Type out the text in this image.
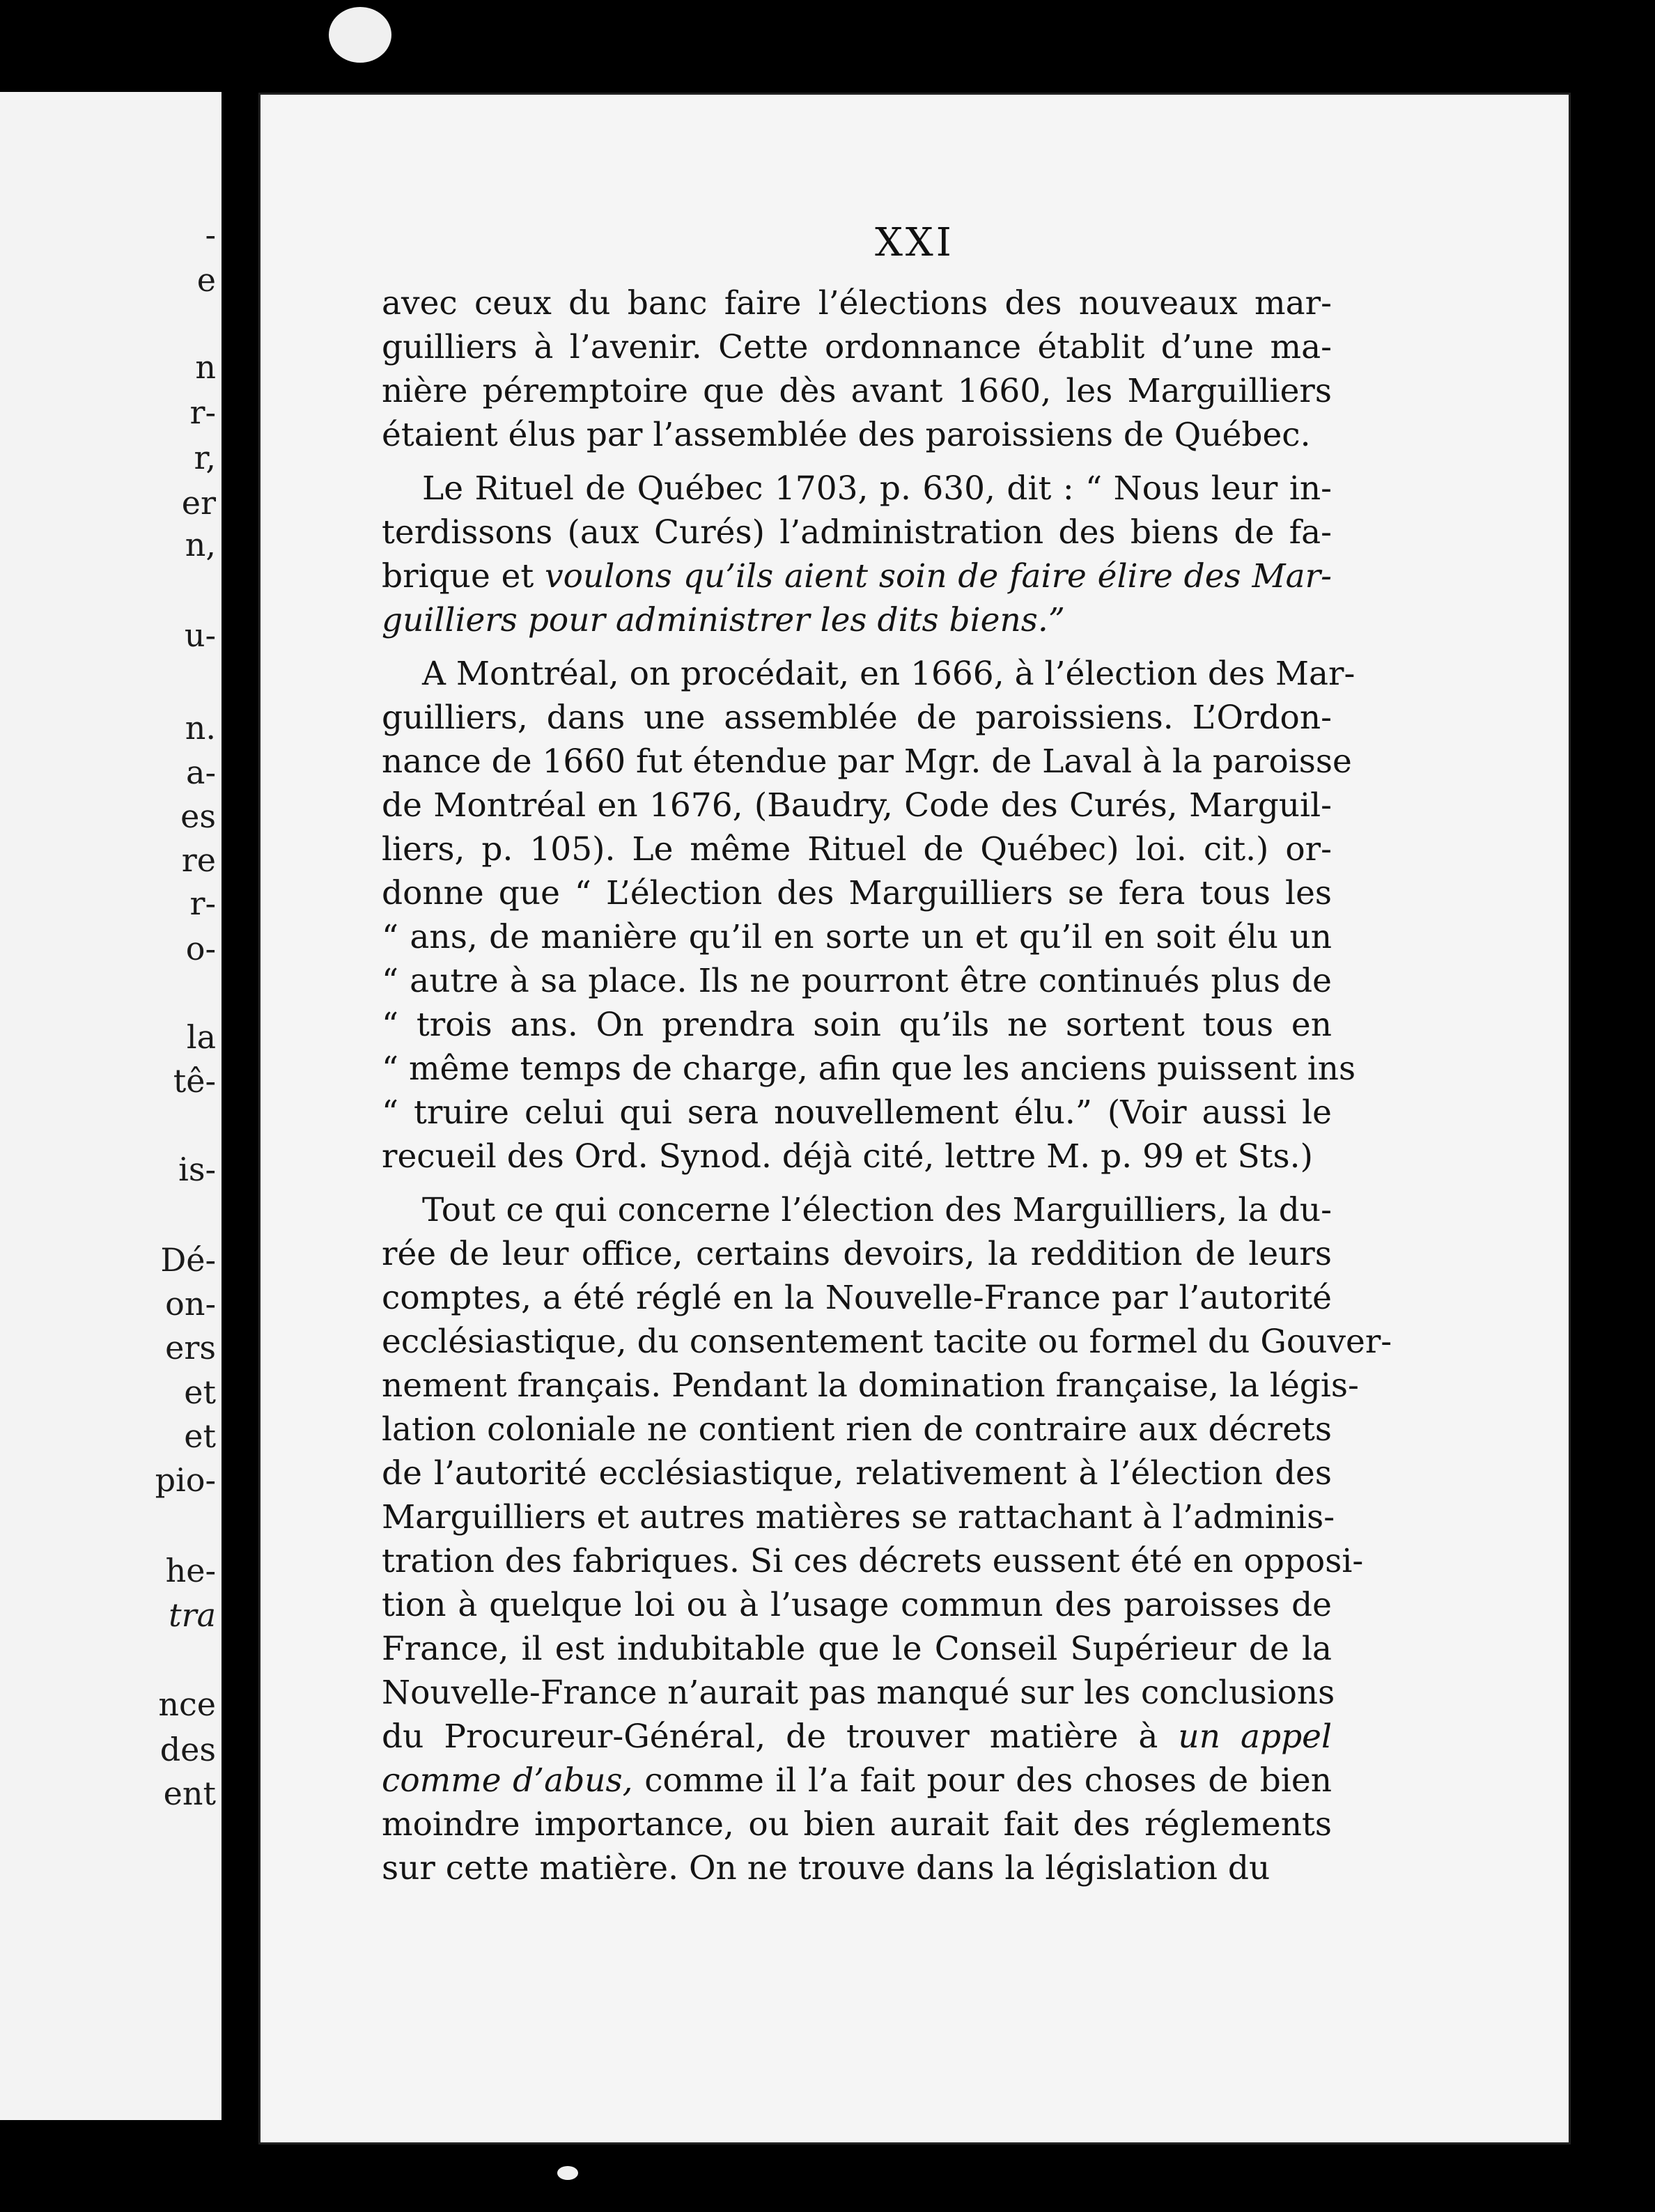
-
e
n
r-
r,
er
n,
u-
n.
a-
es
re
r-
o-
la
tê-
is-
Dé-
on-
ers
et
et
pio-
he-
tra
nce
des
ent
XXI
avec ceux du banc faire l’élections des nouveaux mar-
guilliers à l’avenir. Cette ordonnance établit d’une ma-
nière péremptoire que dès avant 1660, les Marguilliers
étaient élus par l’assemblée des paroissiens de Québec.
Le Rituel de Québec 1703, p. 630, dit : “ Nous leur in-
terdissons (aux Curés) l’administration des biens de fa-
brique et voulons qu’ils aient soin de faire élire des Mar-
guilliers pour administrer les dits biens.”
A Montréal, on procédait, en 1666, à l’élection des Mar-
guilliers, dans une assemblée de paroissiens. L’Ordon-
nance de 1660 fut étendue par Mgr. de Laval à la paroisse
de Montréal en 1676, (Baudry, Code des Curés, Marguil-
liers, p. 105). Le même Rituel de Québec) loi. cit.) or-
donne que “ L’élection des Marguilliers se fera tous les
“ ans, de manière qu’il en sorte un et qu’il en soit élu un
“ autre à sa place. Ils ne pourront être continués plus de
“ trois ans. On prendra soin qu’ils ne sortent tous en
“ même temps de charge, afin que les anciens puissent ins
“ truire celui qui sera nouvellement élu.” (Voir aussi le
recueil des Ord. Synod. déjà cité, lettre M. p. 99 et Sts.)
Tout ce qui concerne l’élection des Marguilliers, la du-
rée de leur office, certains devoirs, la reddition de leurs
comptes, a été réglé en la Nouvelle-France par l’autorité
ecclésiastique, du consentement tacite ou formel du Gouver-
nement français. Pendant la domination française, la légis-
lation coloniale ne contient rien de contraire aux décrets
de l’autorité ecclésiastique, relativement à l’élection des
Marguilliers et autres matières se rattachant à l’adminis-
tration des fabriques. Si ces décrets eussent été en opposi-
tion à quelque loi ou à l’usage commun des paroisses de
France, il est indubitable que le Conseil Supérieur de la
Nouvelle-France n’aurait pas manqué sur les conclusions
du Procureur-Général, de trouver matière à un appel
comme d’abus, comme il l’a fait pour des choses de bien
moindre importance, ou bien aurait fait des réglements
sur cette matière. On ne trouve dans la législation du
